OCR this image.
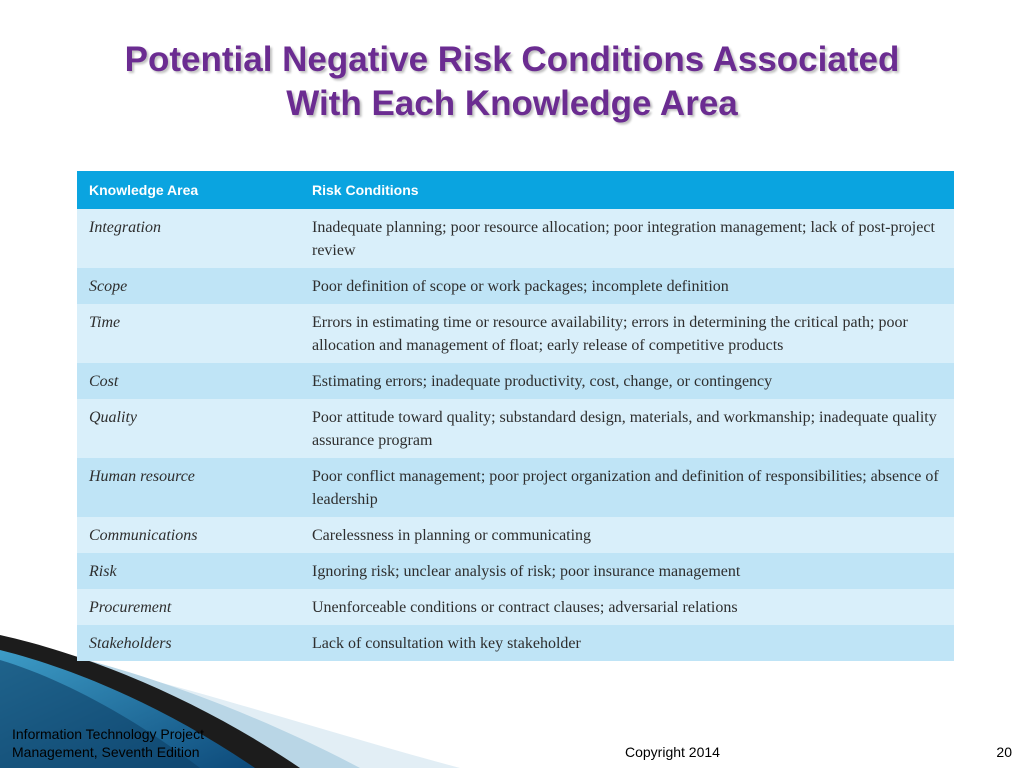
Potential Negative Risk Conditions Associated
With Each Knowledge Area
Knowledge Area	Risk Conditions
Integration	Inadequate planning; poor resource allocation; poor integration management; lack of post-project review
Scope	Poor definition of scope or work packages; incomplete definition
Time	Errors in estimating time or resource availability; errors in determining the critical path; poor allocation and management of float; early release of competitive products
Cost	Estimating errors; inadequate productivity, cost, change, or contingency
Quality	Poor attitude toward quality; substandard design, materials, and workmanship; inadequate quality assurance program
Human resource	Poor conflict management; poor project organization and definition of responsibilities; absence of leadership
Communications	Carelessness in planning or communicating
Risk	Ignoring risk; unclear analysis of risk; poor insurance management
Procurement	Unenforceable conditions or contract clauses; adversarial relations
Stakeholders	Lack of consultation with key stakeholder
Information Technology Project
Management, Seventh Edition	Copyright 2014	20
